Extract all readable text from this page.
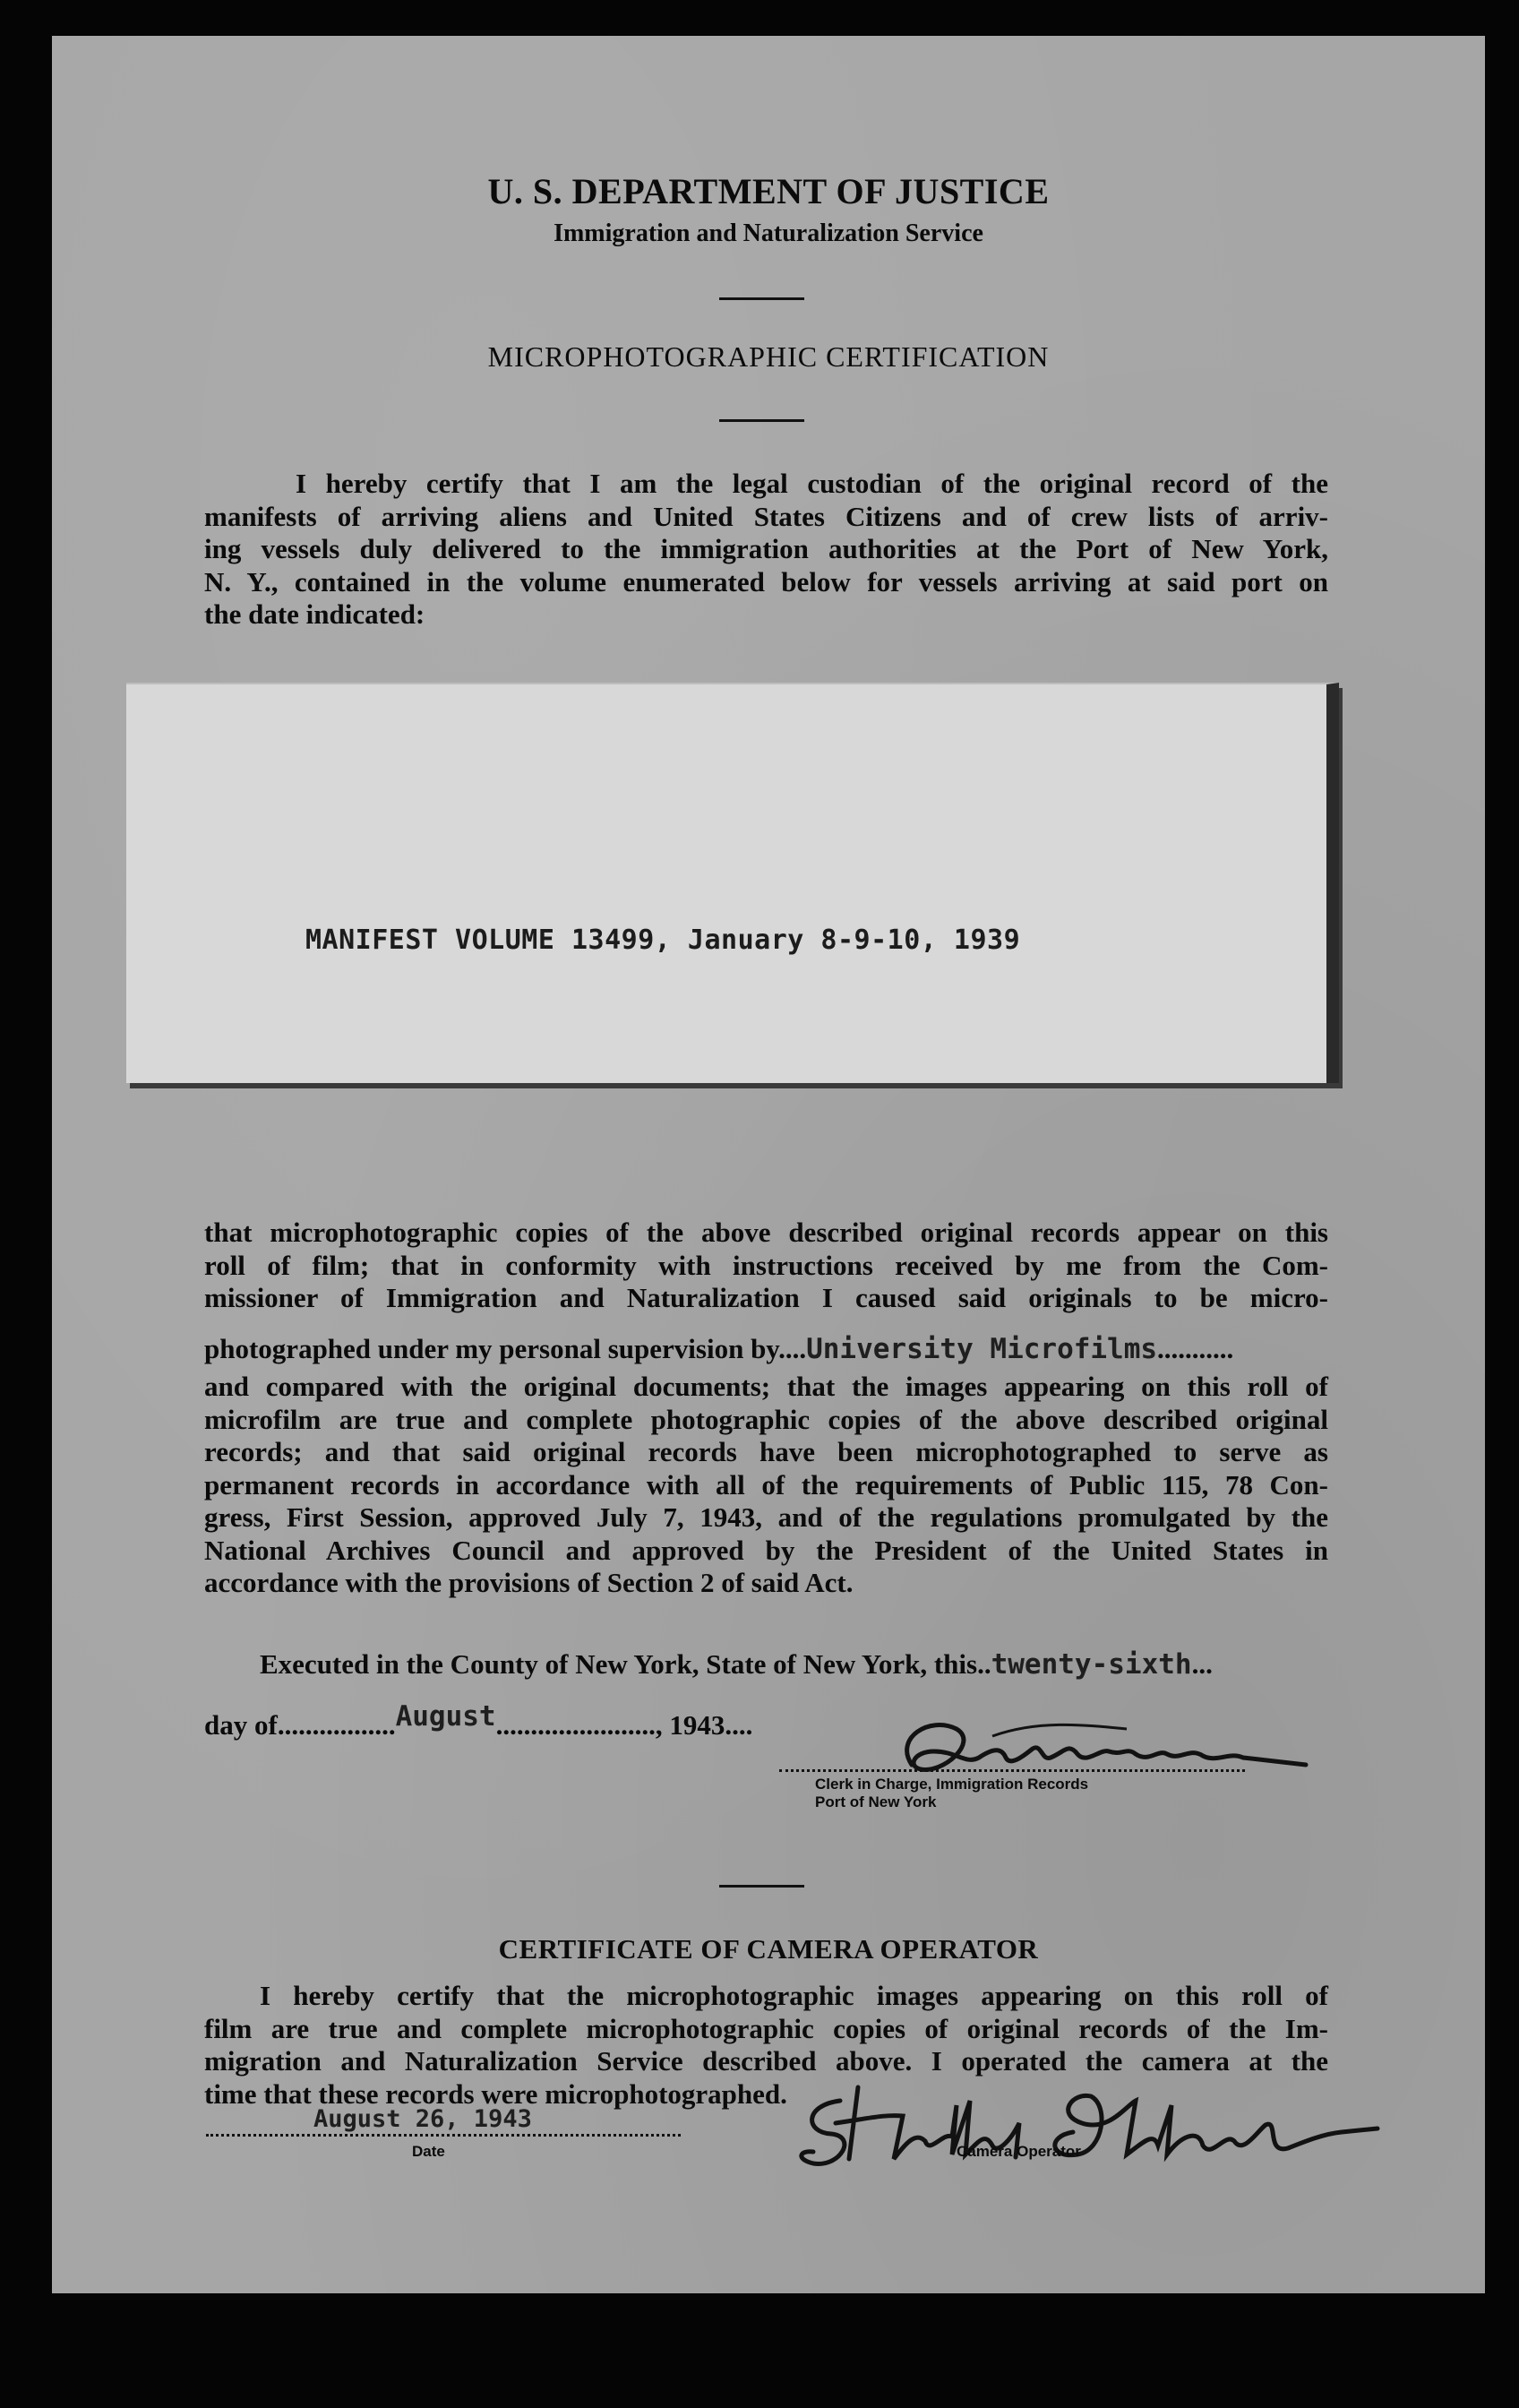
U. S. DEPARTMENT OF JUSTICE
Immigration and Naturalization Service
MICROPHOTOGRAPHIC CERTIFICATION

I hereby certify that I am the legal custodian of the original record of the
manifests of arriving aliens and United States Citizens and of crew lists of arriv-
ing vessels duly delivered to the immigration authorities at the Port of New York,
N. Y., contained in the volume enumerated below for vessels arriving at said port on
the date indicated:

MANIFEST VOLUME 13499, January 8-9-10, 1939

that microphotographic copies of the above described original records appear on this
roll of film; that in conformity with instructions received by me from the Com-
missioner of Immigration and Naturalization I caused said originals to be micro-

photographed under my personal supervision by....University Microfilms...........

and compared with the original documents; that the images appearing on this roll of
microfilm are true and complete photographic copies of the above described original
records; and that said original records have been microphotographed to serve as
permanent records in accordance with all of the requirements of Public 115, 78 Con-
gress, First Session, approved July 7, 1943, and of the regulations promulgated by the
National Archives Council and approved by the President of the United States in
accordance with the provisions of Section 2 of said Act.

Executed in the County of New York, State of New York, this..twenty-sixth...
day of.................August......................., 1943....
Clerk in Charge, Immigration Records
Port of New York
CERTIFICATE OF CAMERA OPERATOR

I hereby certify that the microphotographic images appearing on this roll of
film are true and complete microphotographic copies of original records of the Im-
migration and Naturalization Service described above. I operated the camera at the
time that these records were microphotographed.

August 26, 1943
Date	Camera Operator
